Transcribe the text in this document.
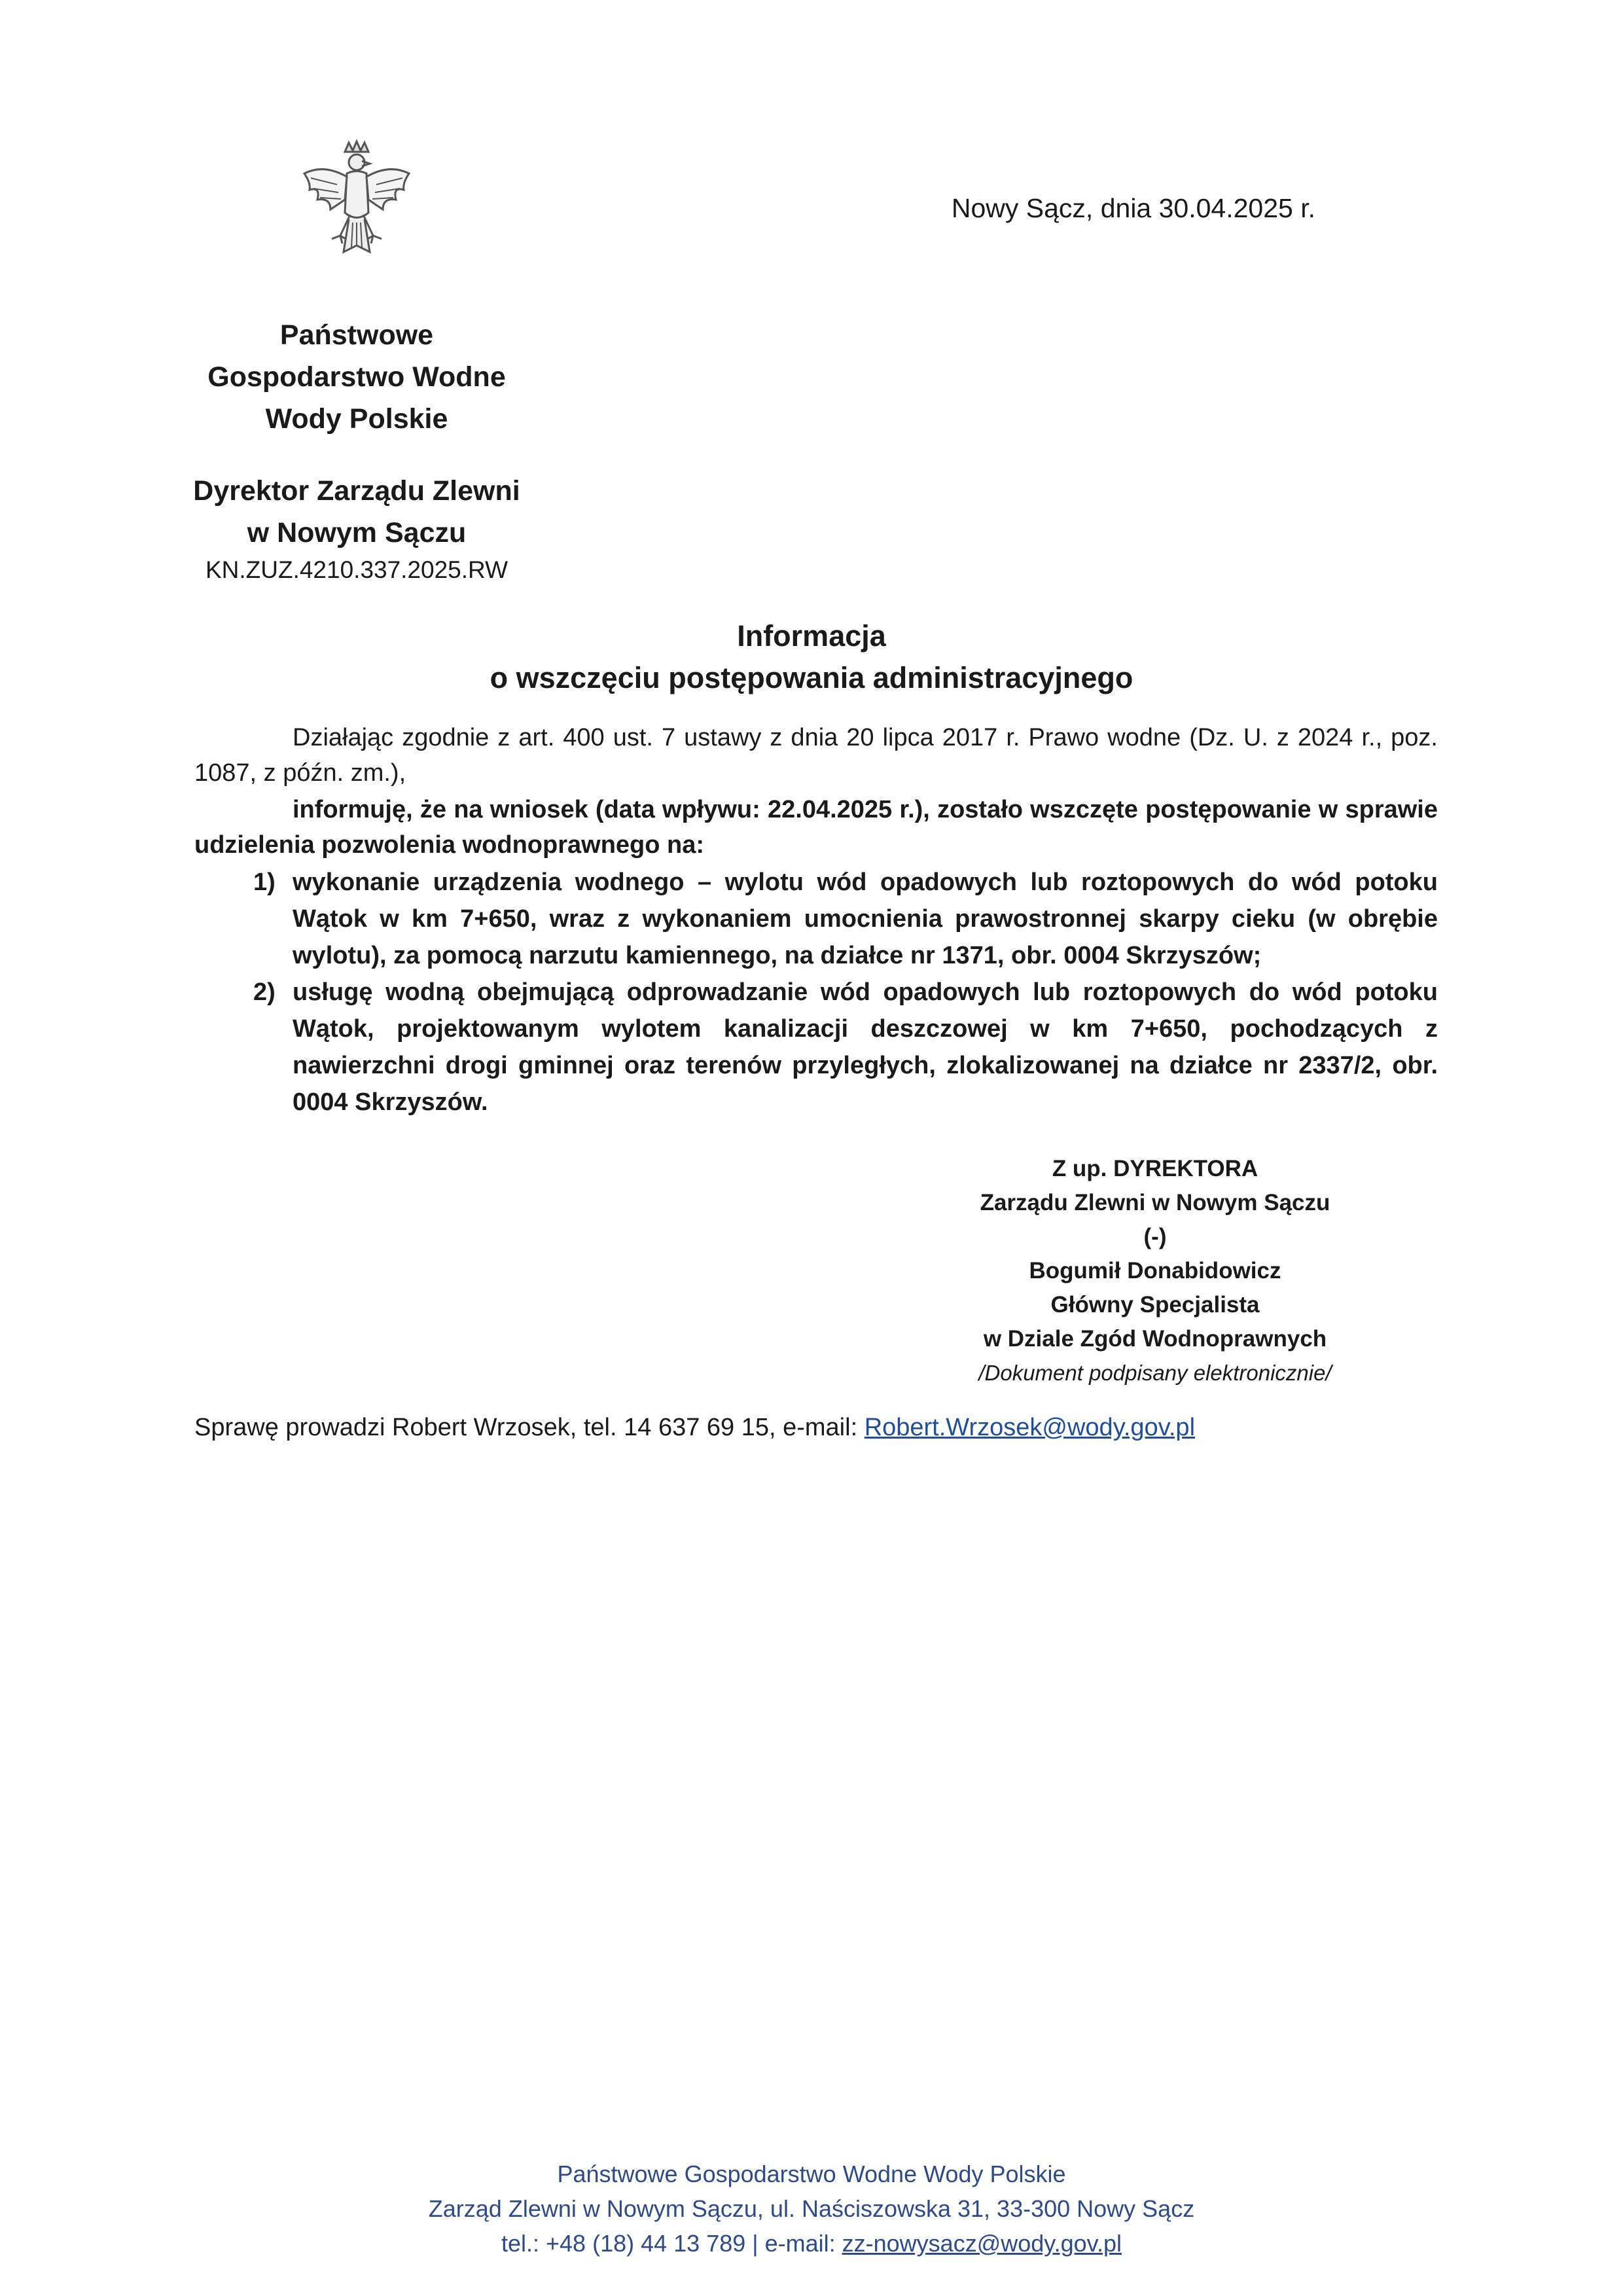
Nowy Sącz, dnia 30.04.2025 r.
Państwowe
Gospodarstwo Wodne
Wody Polskie
Dyrektor Zarządu Zlewni
w Nowym Sączu
KN.ZUZ.4210.337.2025.RW
Informacja
o wszczęciu postępowania administracyjnego
Działając zgodnie z art. 400 ust. 7 ustawy z dnia 20 lipca 2017 r. Prawo wodne (Dz. U. z 2024 r., poz. 1087, z późn. zm.),
informuję, że na wniosek (data wpływu: 22.04.2025 r.), zostało wszczęte postępowanie w sprawie udzielenia pozwolenia wodnoprawnego na:
1) wykonanie urządzenia wodnego – wylotu wód opadowych lub roztopowych do wód potoku Wątok w km 7+650, wraz z wykonaniem umocnienia prawostronnej skarpy cieku (w obrębie wylotu), za pomocą narzutu kamiennego, na działce nr 1371, obr. 0004 Skrzyszów;
2) usługę wodną obejmującą odprowadzanie wód opadowych lub roztopowych do wód potoku Wątok, projektowanym wylotem kanalizacji deszczowej w km 7+650, pochodzących z nawierzchni drogi gminnej oraz terenów przyległych, zlokalizowanej na działce nr 2337/2, obr. 0004 Skrzyszów.
Z up. DYREKTORA
Zarządu Zlewni w Nowym Sączu
(-)
Bogumił Donabidowicz
Główny Specjalista
w Dziale Zgód Wodnoprawnych
/Dokument podpisany elektronicznie/
Sprawę prowadzi Robert Wrzosek, tel. 14 637 69 15, e-mail: Robert.Wrzosek@wody.gov.pl
Państwowe Gospodarstwo Wodne Wody Polskie
Zarząd Zlewni w Nowym Sączu, ul. Naściszowska 31, 33-300 Nowy Sącz
tel.: +48 (18) 44 13 789 | e-mail: zz-nowysacz@wody.gov.pl
